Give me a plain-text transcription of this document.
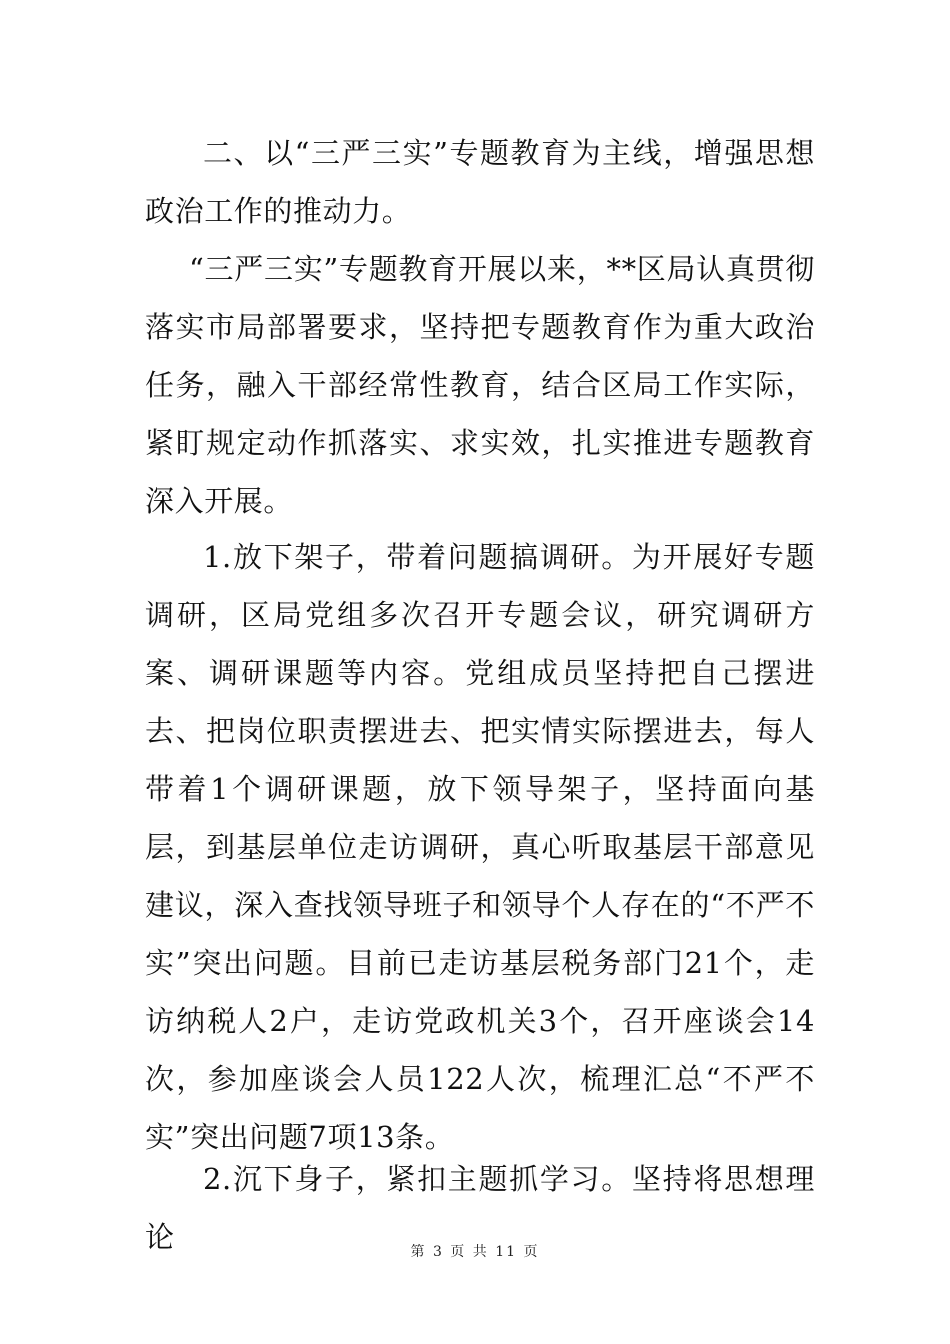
二、以“三严三实”专题教育为主线，增强思想政治工作的推动力。

“三严三实”专题教育开展以来，**区局认真贯彻落实市局部署要求，坚持把专题教育作为重大政治任务，融入干部经常性教育，结合区局工作实际，紧盯规定动作抓落实、求实效，扎实推进专题教育深入开展。

1.放下架子，带着问题搞调研。为开展好专题调研，区局党组多次召开专题会议，研究调研方案、调研课题等内容。党组成员坚持把自己摆进去、把岗位职责摆进去、把实情实际摆进去，每人带着1个调研课题，放下领导架子，坚持面向基层，到基层单位走访调研，真心听取基层干部意见建议，深入查找领导班子和领导个人存在的“不严不实”突出问题。目前已走访基层税务部门21个，走访纳税人2户，走访党政机关3个，召开座谈会14次，参加座谈会人员122人次，梳理汇总“不严不实”突出问题7项13条。

2.沉下身子，紧扣主题抓学习。坚持将思想理论	第 3 页 共 11 页
